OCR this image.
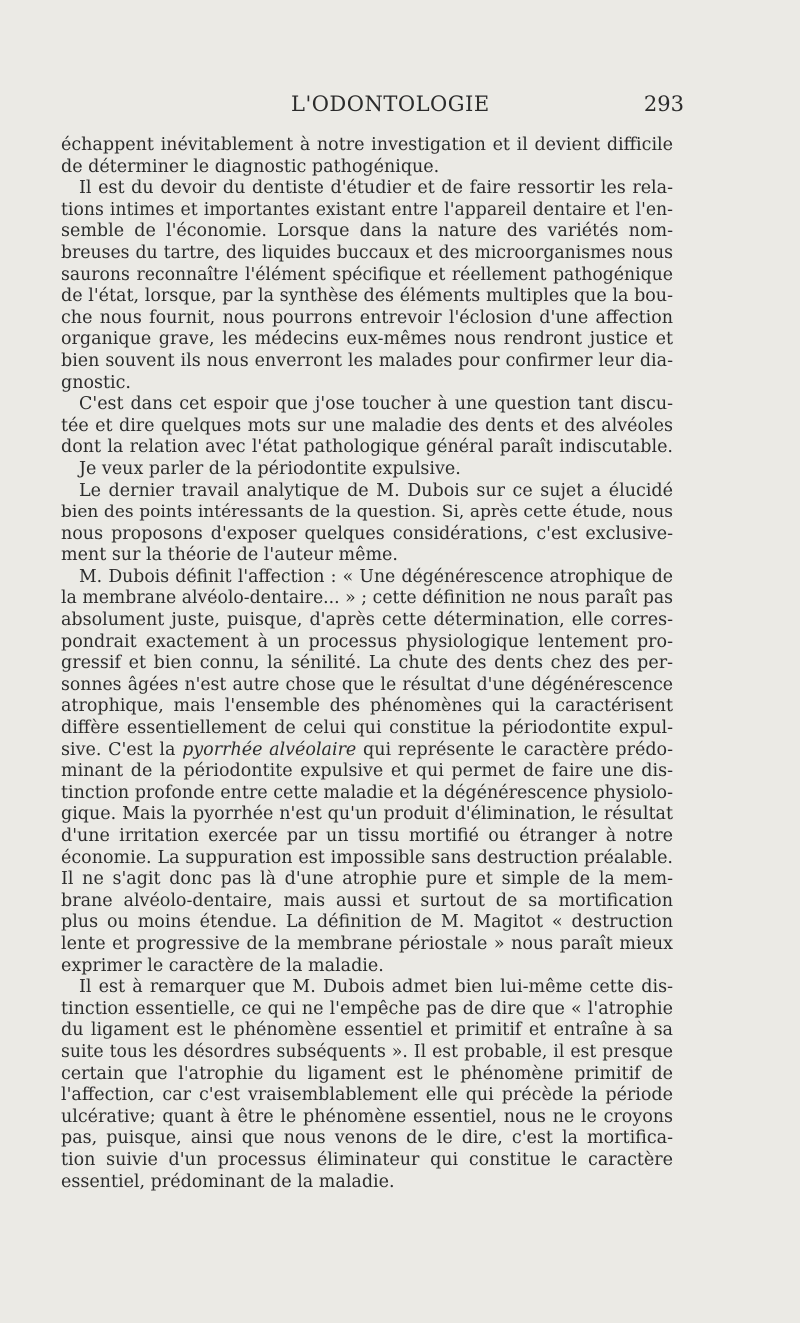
L'ODONTOLOGIE	293
échappent inévitablement à notre investigation et il devient difficile
de déterminer le diagnostic pathogénique.
Il est du devoir du dentiste d'étudier et de faire ressortir les rela-
tions intimes et importantes existant entre l'appareil dentaire et l'en-
semble de l'économie. Lorsque dans la nature des variétés nom-
breuses du tartre, des liquides buccaux et des microorganismes nous
saurons reconnaître l'élément spécifique et réellement pathogénique
de l'état, lorsque, par la synthèse des éléments multiples que la bou-
che nous fournit, nous pourrons entrevoir l'éclosion d'une affection
organique grave, les médecins eux-mêmes nous rendront justice et
bien souvent ils nous enverront les malades pour confirmer leur dia-
gnostic.
C'est dans cet espoir que j'ose toucher à une question tant discu-
tée et dire quelques mots sur une maladie des dents et des alvéoles
dont la relation avec l'état pathologique général paraît indiscutable.
Je veux parler de la périodontite expulsive.
Le dernier travail analytique de M. Dubois sur ce sujet a élucidé
bien des points intéressants de la question. Si, après cette étude, nous
nous proposons d'exposer quelques considérations, c'est exclusive-
ment sur la théorie de l'auteur même.
M. Dubois définit l'affection : « Une dégénérescence atrophique de
la membrane alvéolo-dentaire... » ; cette définition ne nous paraît pas
absolument juste, puisque, d'après cette détermination, elle corres-
pondrait exactement à un processus physiologique lentement pro-
gressif et bien connu, la sénilité. La chute des dents chez des per-
sonnes âgées n'est autre chose que le résultat d'une dégénérescence
atrophique, mais l'ensemble des phénomènes qui la caractérisent
diffère essentiellement de celui qui constitue la périodontite expul-
sive. C'est la pyorrhée alvéolaire qui représente le caractère prédo-
minant de la périodontite expulsive et qui permet de faire une dis-
tinction profonde entre cette maladie et la dégénérescence physiolo-
gique. Mais la pyorrhée n'est qu'un produit d'élimination, le résultat
d'une irritation exercée par un tissu mortifié ou étranger à notre
économie. La suppuration est impossible sans destruction préalable.
Il ne s'agit donc pas là d'une atrophie pure et simple de la mem-
brane alvéolo-dentaire, mais aussi et surtout de sa mortification
plus ou moins étendue. La définition de M. Magitot « destruction
lente et progressive de la membrane périostale » nous paraît mieux
exprimer le caractère de la maladie.
Il est à remarquer que M. Dubois admet bien lui-même cette dis-
tinction essentielle, ce qui ne l'empêche pas de dire que « l'atrophie
du ligament est le phénomène essentiel et primitif et entraîne à sa
suite tous les désordres subséquents ». Il est probable, il est presque
certain que l'atrophie du ligament est le phénomène primitif de
l'affection, car c'est vraisemblablement elle qui précède la période
ulcérative; quant à être le phénomène essentiel, nous ne le croyons
pas, puisque, ainsi que nous venons de le dire, c'est la mortifica-
tion suivie d'un processus éliminateur qui constitue le caractère
essentiel, prédominant de la maladie.
